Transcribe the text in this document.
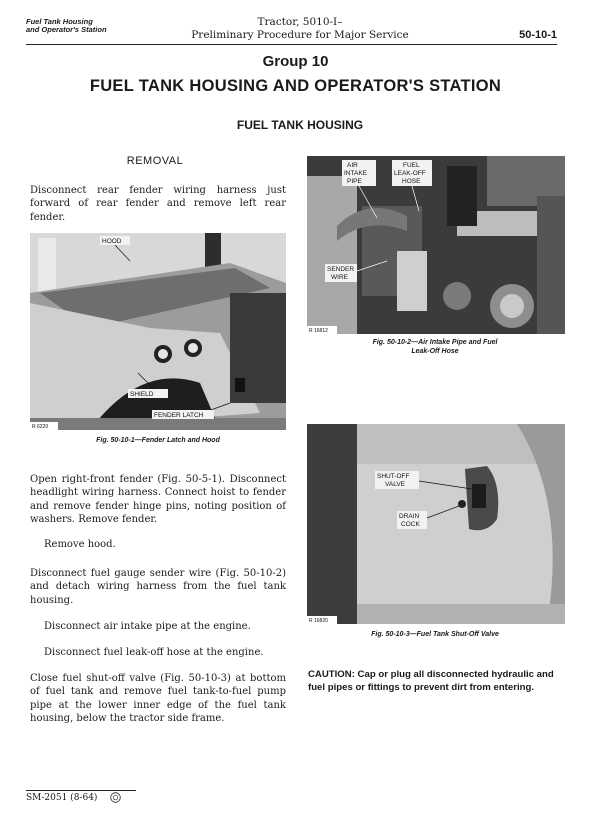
Fuel Tank Housing
and Operator's Station
Tractor, 5010-I–
Preliminary Procedure for Major Service	50-10-1
Group 10
FUEL TANK HOUSING AND OPERATOR'S STATION
FUEL TANK HOUSING
REMOVAL
Disconnect rear fender wiring harness just forward of rear fender and remove left rear fender.
HOOD
SHIELD
FENDER LATCH
R 6220
Fig. 50-10-1—Fender Latch and Hood
Open right-front fender (Fig. 50-5-1). Disconnect headlight wiring harness. Connect hoist to fender and remove fender hinge pins, noting position of washers. Remove fender.
Remove hood.
Disconnect fuel gauge sender wire (Fig. 50-10-2) and detach wiring harness from the fuel tank housing.
Disconnect air intake pipe at the engine.
Disconnect fuel leak-off hose at the engine.
Close fuel shut-off valve (Fig. 50-10-3) at bottom of fuel tank and remove fuel tank-to-fuel pump pipe at the lower inner edge of the fuel tank housing, below the tractor side frame.
AIR
INTAKE
PIPE
FUEL
LEAK-OFF
HOSE
SENDER
WIRE
R 16812
Fig. 50-10-2—Air Intake Pipe and Fuel
Leak-Off Hose
SHUT-OFF
VALVE
DRAIN
COCK
R 16820
Fig. 50-10-3—Fuel Tank Shut-Off Valve
CAUTION: Cap or plug all disconnected hydraulic and fuel pipes or fittings to prevent dirt from entering.
SM-2051 (8-64)
